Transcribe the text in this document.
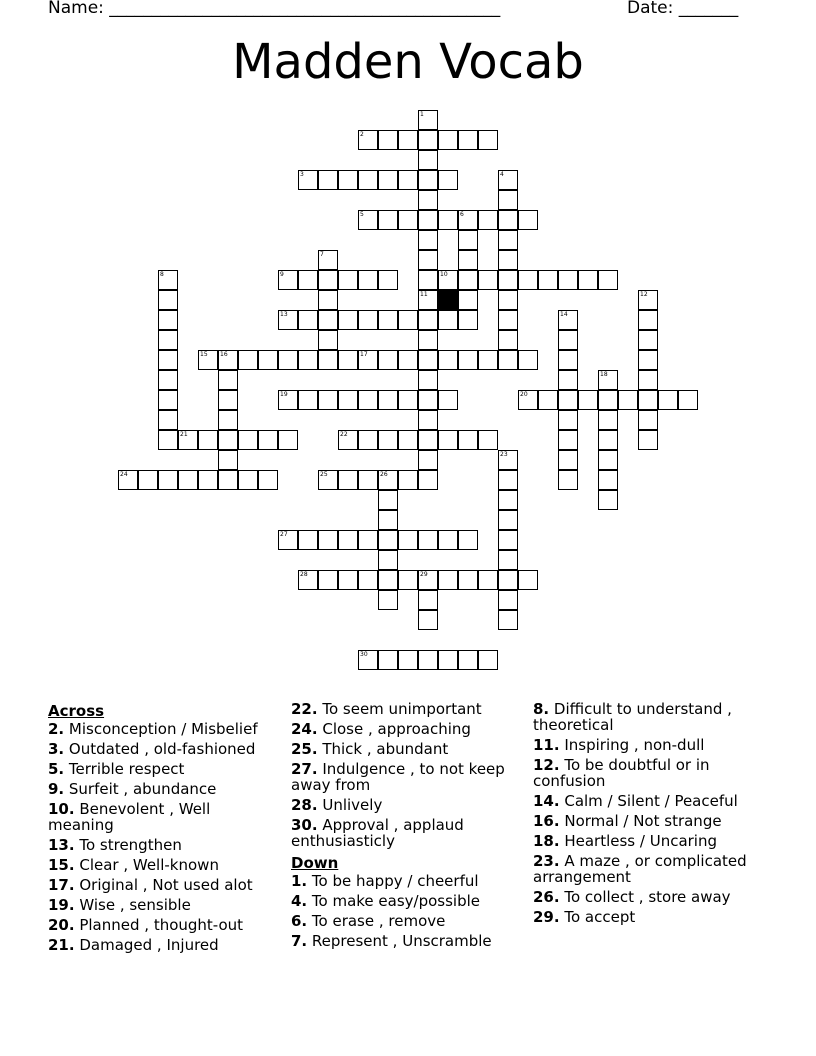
Name: ______________________________________________	Date: _______
Madden Vocab
2
3
5	6
9	10
13
15 16	17
19	20
21	22
24	25	26
27
28	29
30
1
11
4
7
8
12
14
18
23

Across

2. Misconception / Misbelief

3. Outdated , old-fashioned

5. Terrible respect

9. Surfeit , abundance

10. Benevolent , Well meaning

13. To strengthen

15. Clear , Well-known

17. Original , Not used alot

19. Wise , sensible

20. Planned , thought-out

21. Damaged , Injured

22. To seem unimportant

24. Close , approaching

25. Thick , abundant

27. Indulgence , to not keep away from

28. Unlively

30. Approval , applaud enthusiasticly

Down

1. To be happy / cheerful

4. To make easy/possible

6. To erase , remove

7. Represent , Unscramble

8. Difficult to understand , theoretical

11. Inspiring , non-dull

12. To be doubtful or in confusion

14. Calm / Silent / Peaceful

16. Normal / Not strange

18. Heartless / Uncaring

23. A maze , or complicated arrangement

26. To collect , store away

29. To accept
